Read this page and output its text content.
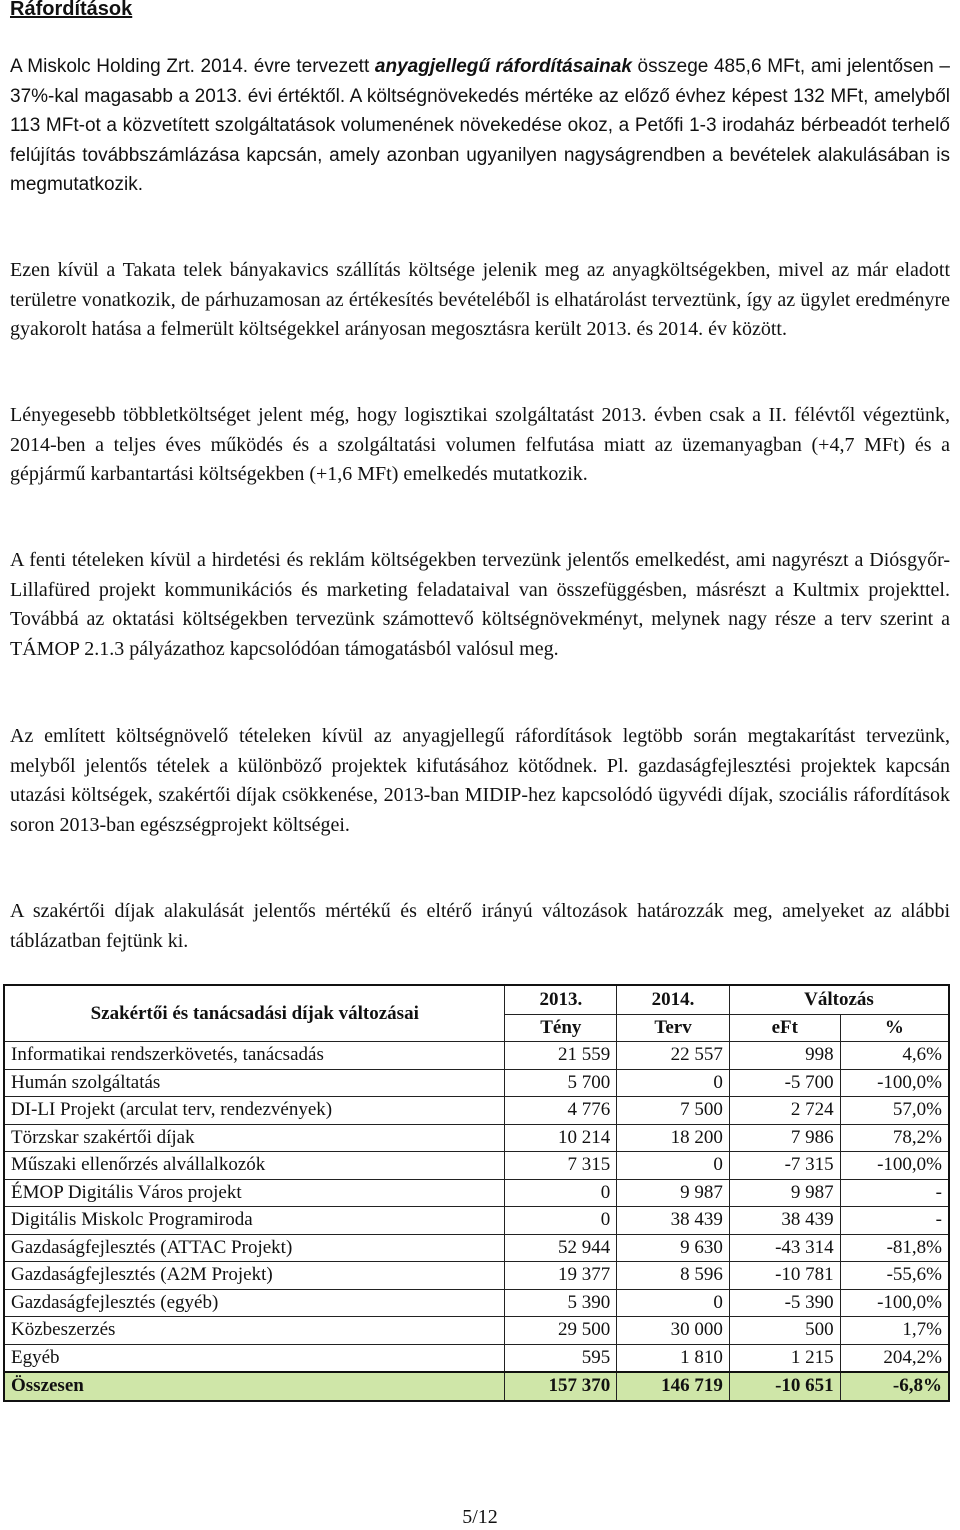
Ráfordítások

A Miskolc Holding Zrt. 2014. évre tervezett anyagjellegű ráfordításainak összege 485,6 MFt, ami jelentősen – 37%-kal magasabb a 2013. évi értéktől. A költségnövekedés mértéke az előző évhez képest 132 MFt, amelyből 113 MFt-ot a közvetített szolgáltatások volumenének növekedése okoz, a Petőfi 1-3 irodaház bérbeadót terhelő felújítás továbbszámlázása kapcsán, amely azonban ugyanilyen nagyságrendben a bevételek alakulásában is megmutatkozik.

Ezen kívül a Takata telek bányakavics szállítás költsége jelenik meg az anyagköltségekben, mivel az már eladott területre vonatkozik, de párhuzamosan az értékesítés bevételéből is elhatárolást terveztünk, így az ügylet eredményre gyakorolt hatása a felmerült költségekkel arányosan megosztásra került 2013. és 2014. év között.

Lényegesebb többletköltséget jelent még, hogy logisztikai szolgáltatást 2013. évben csak a II. félévtől végeztünk, 2014-ben a teljes éves működés és a szolgáltatási volumen felfutása miatt az üzemanyagban (+4,7 MFt) és a gépjármű karbantartási költségekben (+1,6 MFt) emelkedés mutatkozik.

A fenti tételeken kívül a hirdetési és reklám költségekben tervezünk jelentős emelkedést, ami nagyrészt a Diósgyőr-Lillafüred projekt kommunikációs és marketing feladataival van összefüggésben, másrészt a Kultmix projekttel. Továbbá az oktatási költségekben tervezünk számottevő költségnövekményt, melynek nagy része a terv szerint a TÁMOP 2.1.3 pályázathoz kapcsolódóan támogatásból valósul meg.

Az említett költségnövelő tételeken kívül az anyagjellegű ráfordítások legtöbb során megtakarítást tervezünk, melyből jelentős tételek a különböző projektek kifutásához kötődnek. Pl. gazdaságfejlesztési projektek kapcsán utazási költségek, szakértői díjak csökkenése, 2013-ban MIDIP-hez kapcsolódó ügyvédi díjak, szociális ráfordítások soron 2013-ban egészségprojekt költségei.

A szakértői díjak alakulását jelentős mértékű és eltérő irányú változások határozzák meg, amelyeket az alábbi táblázatban fejtünk ki.

Szakértői és tanácsadási díjak változásai	2013.	2014.	Változás	
	Tény	Terv	eFt	%
Informatikai rendszerkövetés, tanácsadás	21 559	22 557	998	4,6%
Humán szolgáltatás	5 700	0	-5 700	-100,0%
DI-LI Projekt (arculat terv, rendezvények)	4 776	7 500	2 724	57,0%
Törzskar szakértői díjak	10 214	18 200	7 986	78,2%
Műszaki ellenőrzés alvállalkozók	7 315	0	-7 315	-100,0%
ÉMOP Digitális Város projekt	0	9 987	9 987	-
Digitális Miskolc Programiroda	0	38 439	38 439	-
Gazdaságfejlesztés (ATTAC Projekt)	52 944	9 630	-43 314	-81,8%
Gazdaságfejlesztés (A2M Projekt)	19 377	8 596	-10 781	-55,6%
Gazdaságfejlesztés (egyéb)	5 390	0	-5 390	-100,0%
Közbeszerzés	29 500	30 000	500	1,7%
Egyéb	595	1 810	1 215	204,2%
Összesen	157 370	146 719	-10 651	-6,8%
5/12
